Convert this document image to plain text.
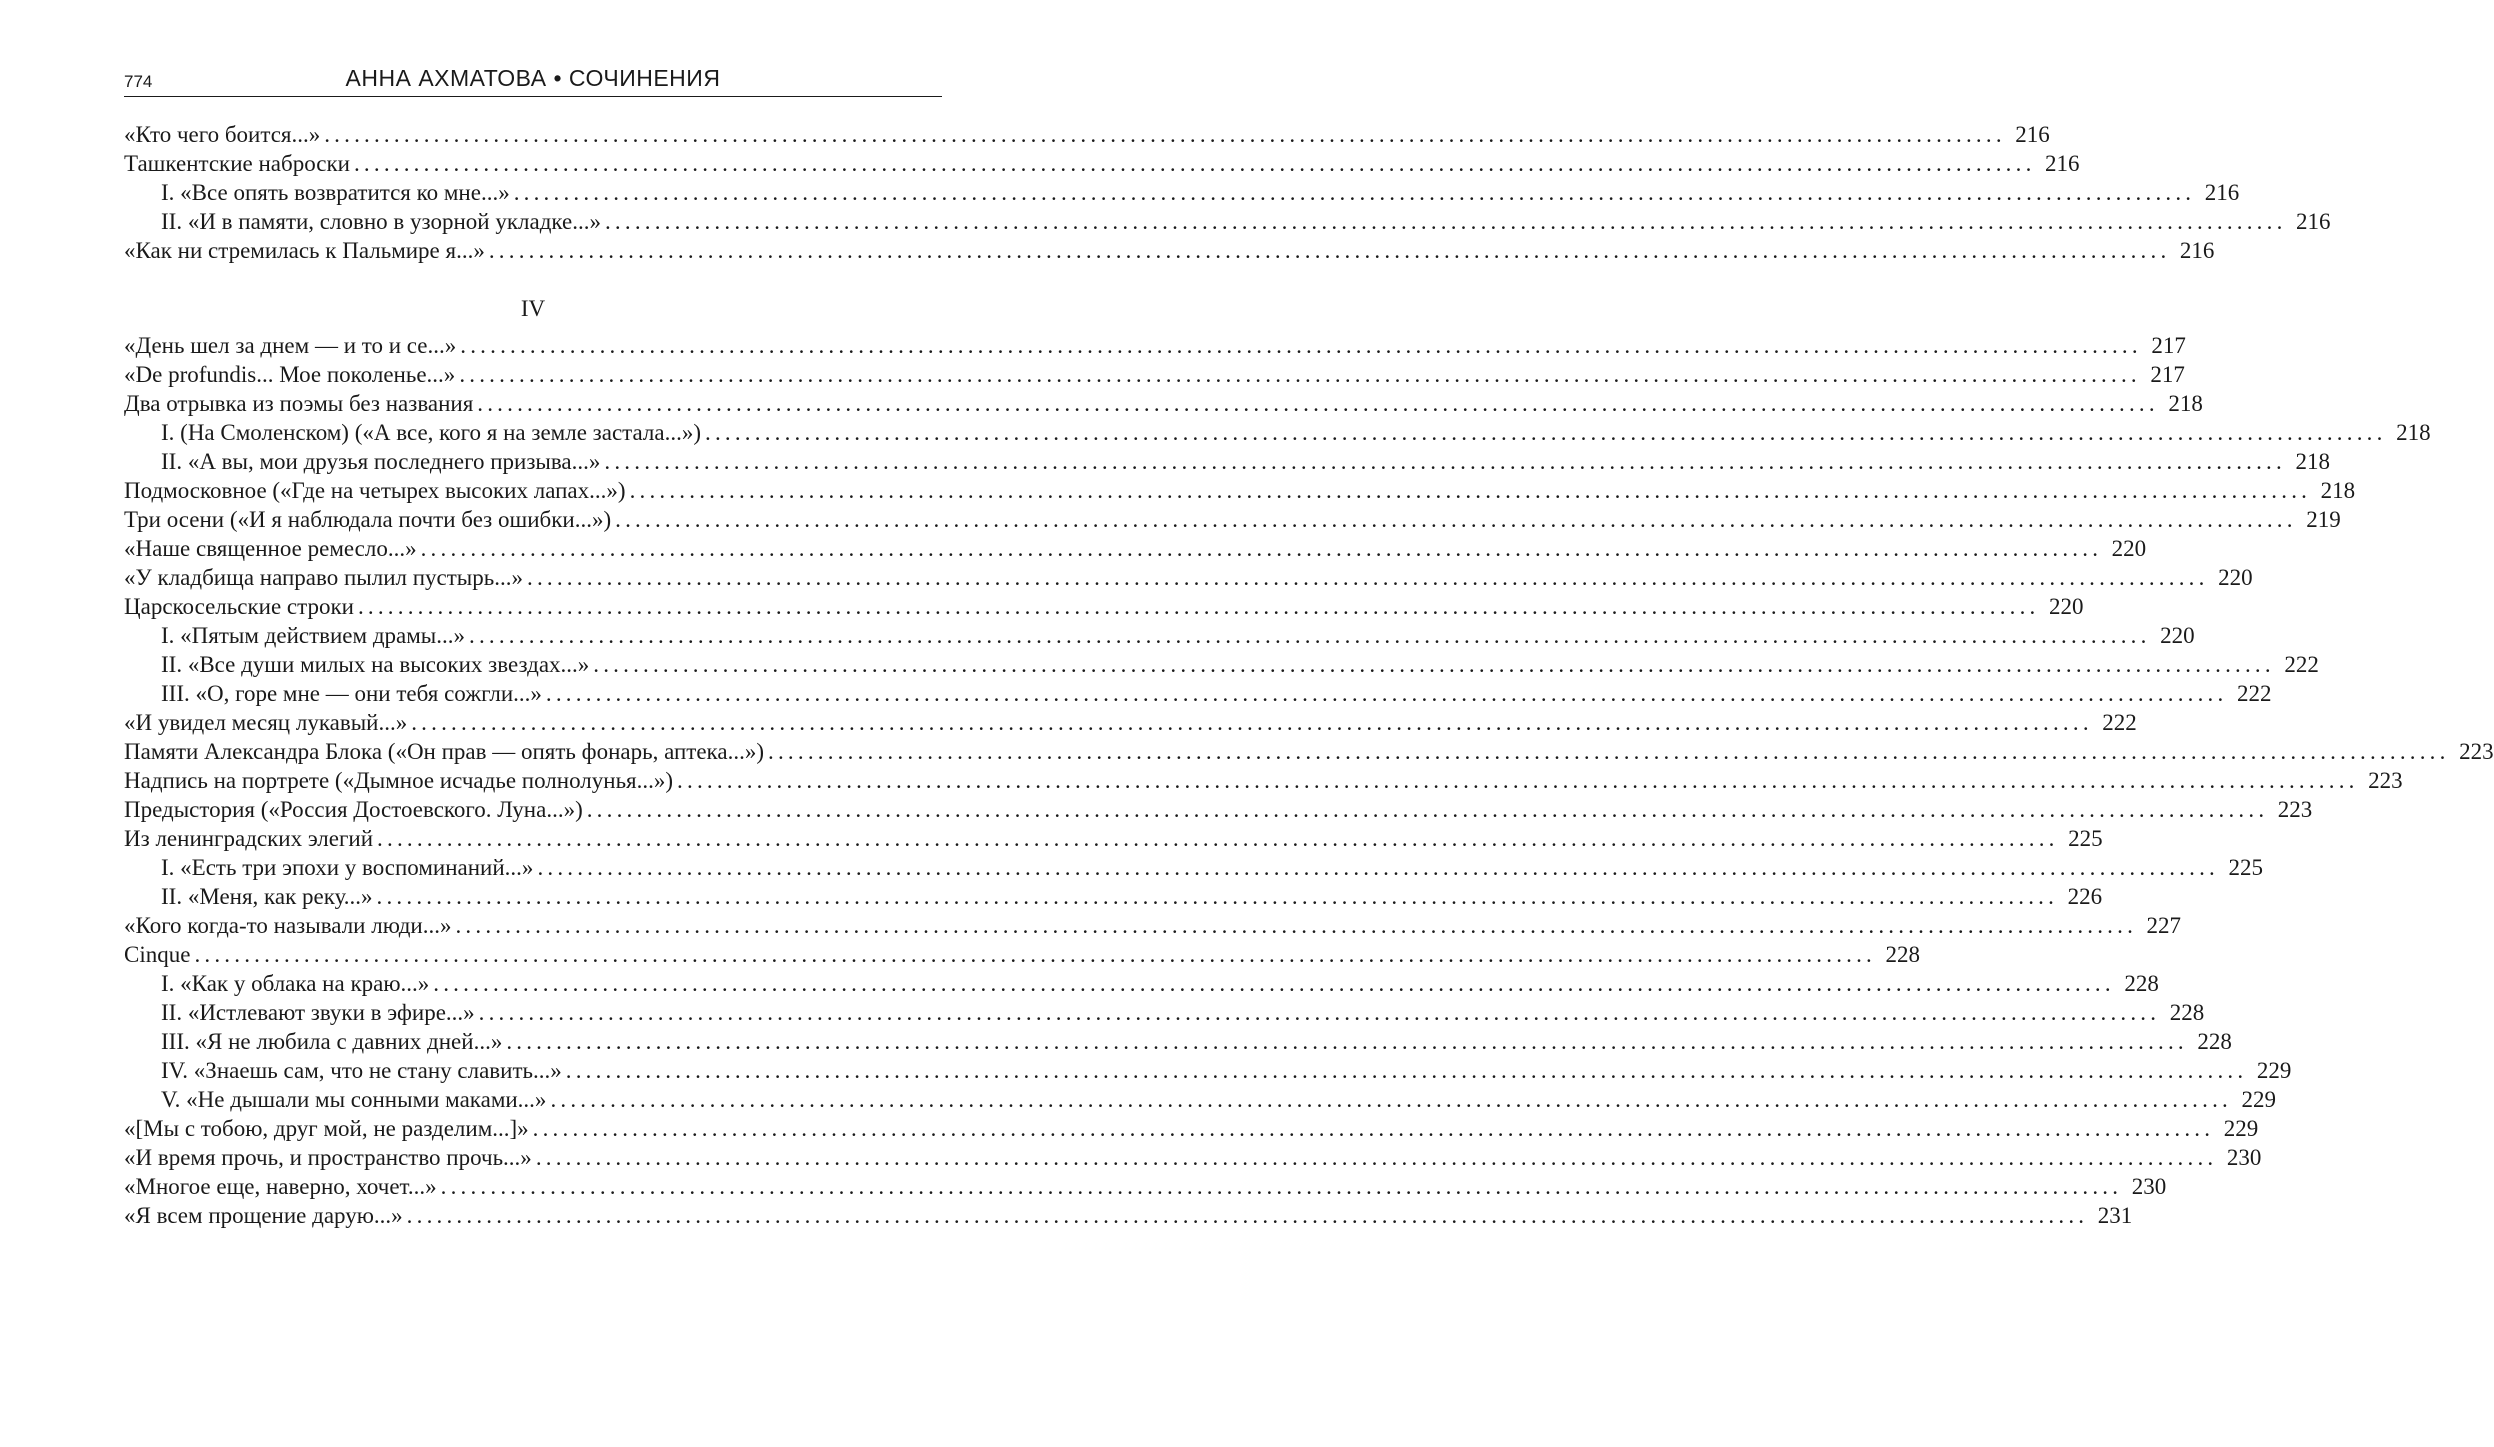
774	АННА АХМАТОВА • СОЧИНЕНИЯ
«Кто чего боится...» ......................................................................................................................................................................... 216
Ташкентские наброски ......................................................................................................................................................................... 216
I. «Все опять возвратится ко мне...» ......................................................................................................................................................................... 216
II. «И в памяти, словно в узорной укладке...» ......................................................................................................................................................................... 216
«Как ни стремилась к Пальмире я...» ......................................................................................................................................................................... 216
IV
«День шел за днем — и то и се...» ......................................................................................................................................................................... 217
«De profundis... Мое поколенье...» ......................................................................................................................................................................... 217
Два отрывка из поэмы без названия ......................................................................................................................................................................... 218
I. (На Смоленском) («А все, кого я на земле застала...») ......................................................................................................................................................................... 218
II. «А вы, мои друзья последнего призыва...» ......................................................................................................................................................................... 218
Подмосковное («Где на четырех высоких лапах...») ......................................................................................................................................................................... 218
Три осени («И я наблюдала почти без ошибки...») ......................................................................................................................................................................... 219
«Наше священное ремесло...» ......................................................................................................................................................................... 220
«У кладбища направо пылил пустырь...» ......................................................................................................................................................................... 220
Царскосельские строки ......................................................................................................................................................................... 220
I. «Пятым действием драмы...» ......................................................................................................................................................................... 220
II. «Все души милых на высоких звездах...» ......................................................................................................................................................................... 222
III. «О, горе мне — они тебя сожгли...» ......................................................................................................................................................................... 222
«И увидел месяц лукавый...» ......................................................................................................................................................................... 222
Памяти Александра Блока («Он прав — опять фонарь, аптека...») ......................................................................................................................................................................... 223
Надпись на портрете («Дымное исчадье полнолунья...») ......................................................................................................................................................................... 223
Предыстория («Россия Достоевского. Луна...») ......................................................................................................................................................................... 223
Из ленинградских элегий ......................................................................................................................................................................... 225
I. «Есть три эпохи у воспоминаний...» ......................................................................................................................................................................... 225
II. «Меня, как реку...» ......................................................................................................................................................................... 226
«Кого когда-то называли люди...» ......................................................................................................................................................................... 227
Cinque ......................................................................................................................................................................... 228
I. «Как у облака на краю...» ......................................................................................................................................................................... 228
II. «Истлевают звуки в эфире...» ......................................................................................................................................................................... 228
III. «Я не любила с давних дней...» ......................................................................................................................................................................... 228
IV. «Знаешь сам, что не стану славить...» ......................................................................................................................................................................... 229
V. «Не дышали мы сонными маками...» ......................................................................................................................................................................... 229
«[Мы с тобою, друг мой, не разделим...]» ......................................................................................................................................................................... 229
«И время прочь, и пространство прочь...» ......................................................................................................................................................................... 230
«Многое еще, наверно, хочет...» ......................................................................................................................................................................... 230
«Я всем прощение дарую...» ......................................................................................................................................................................... 231
